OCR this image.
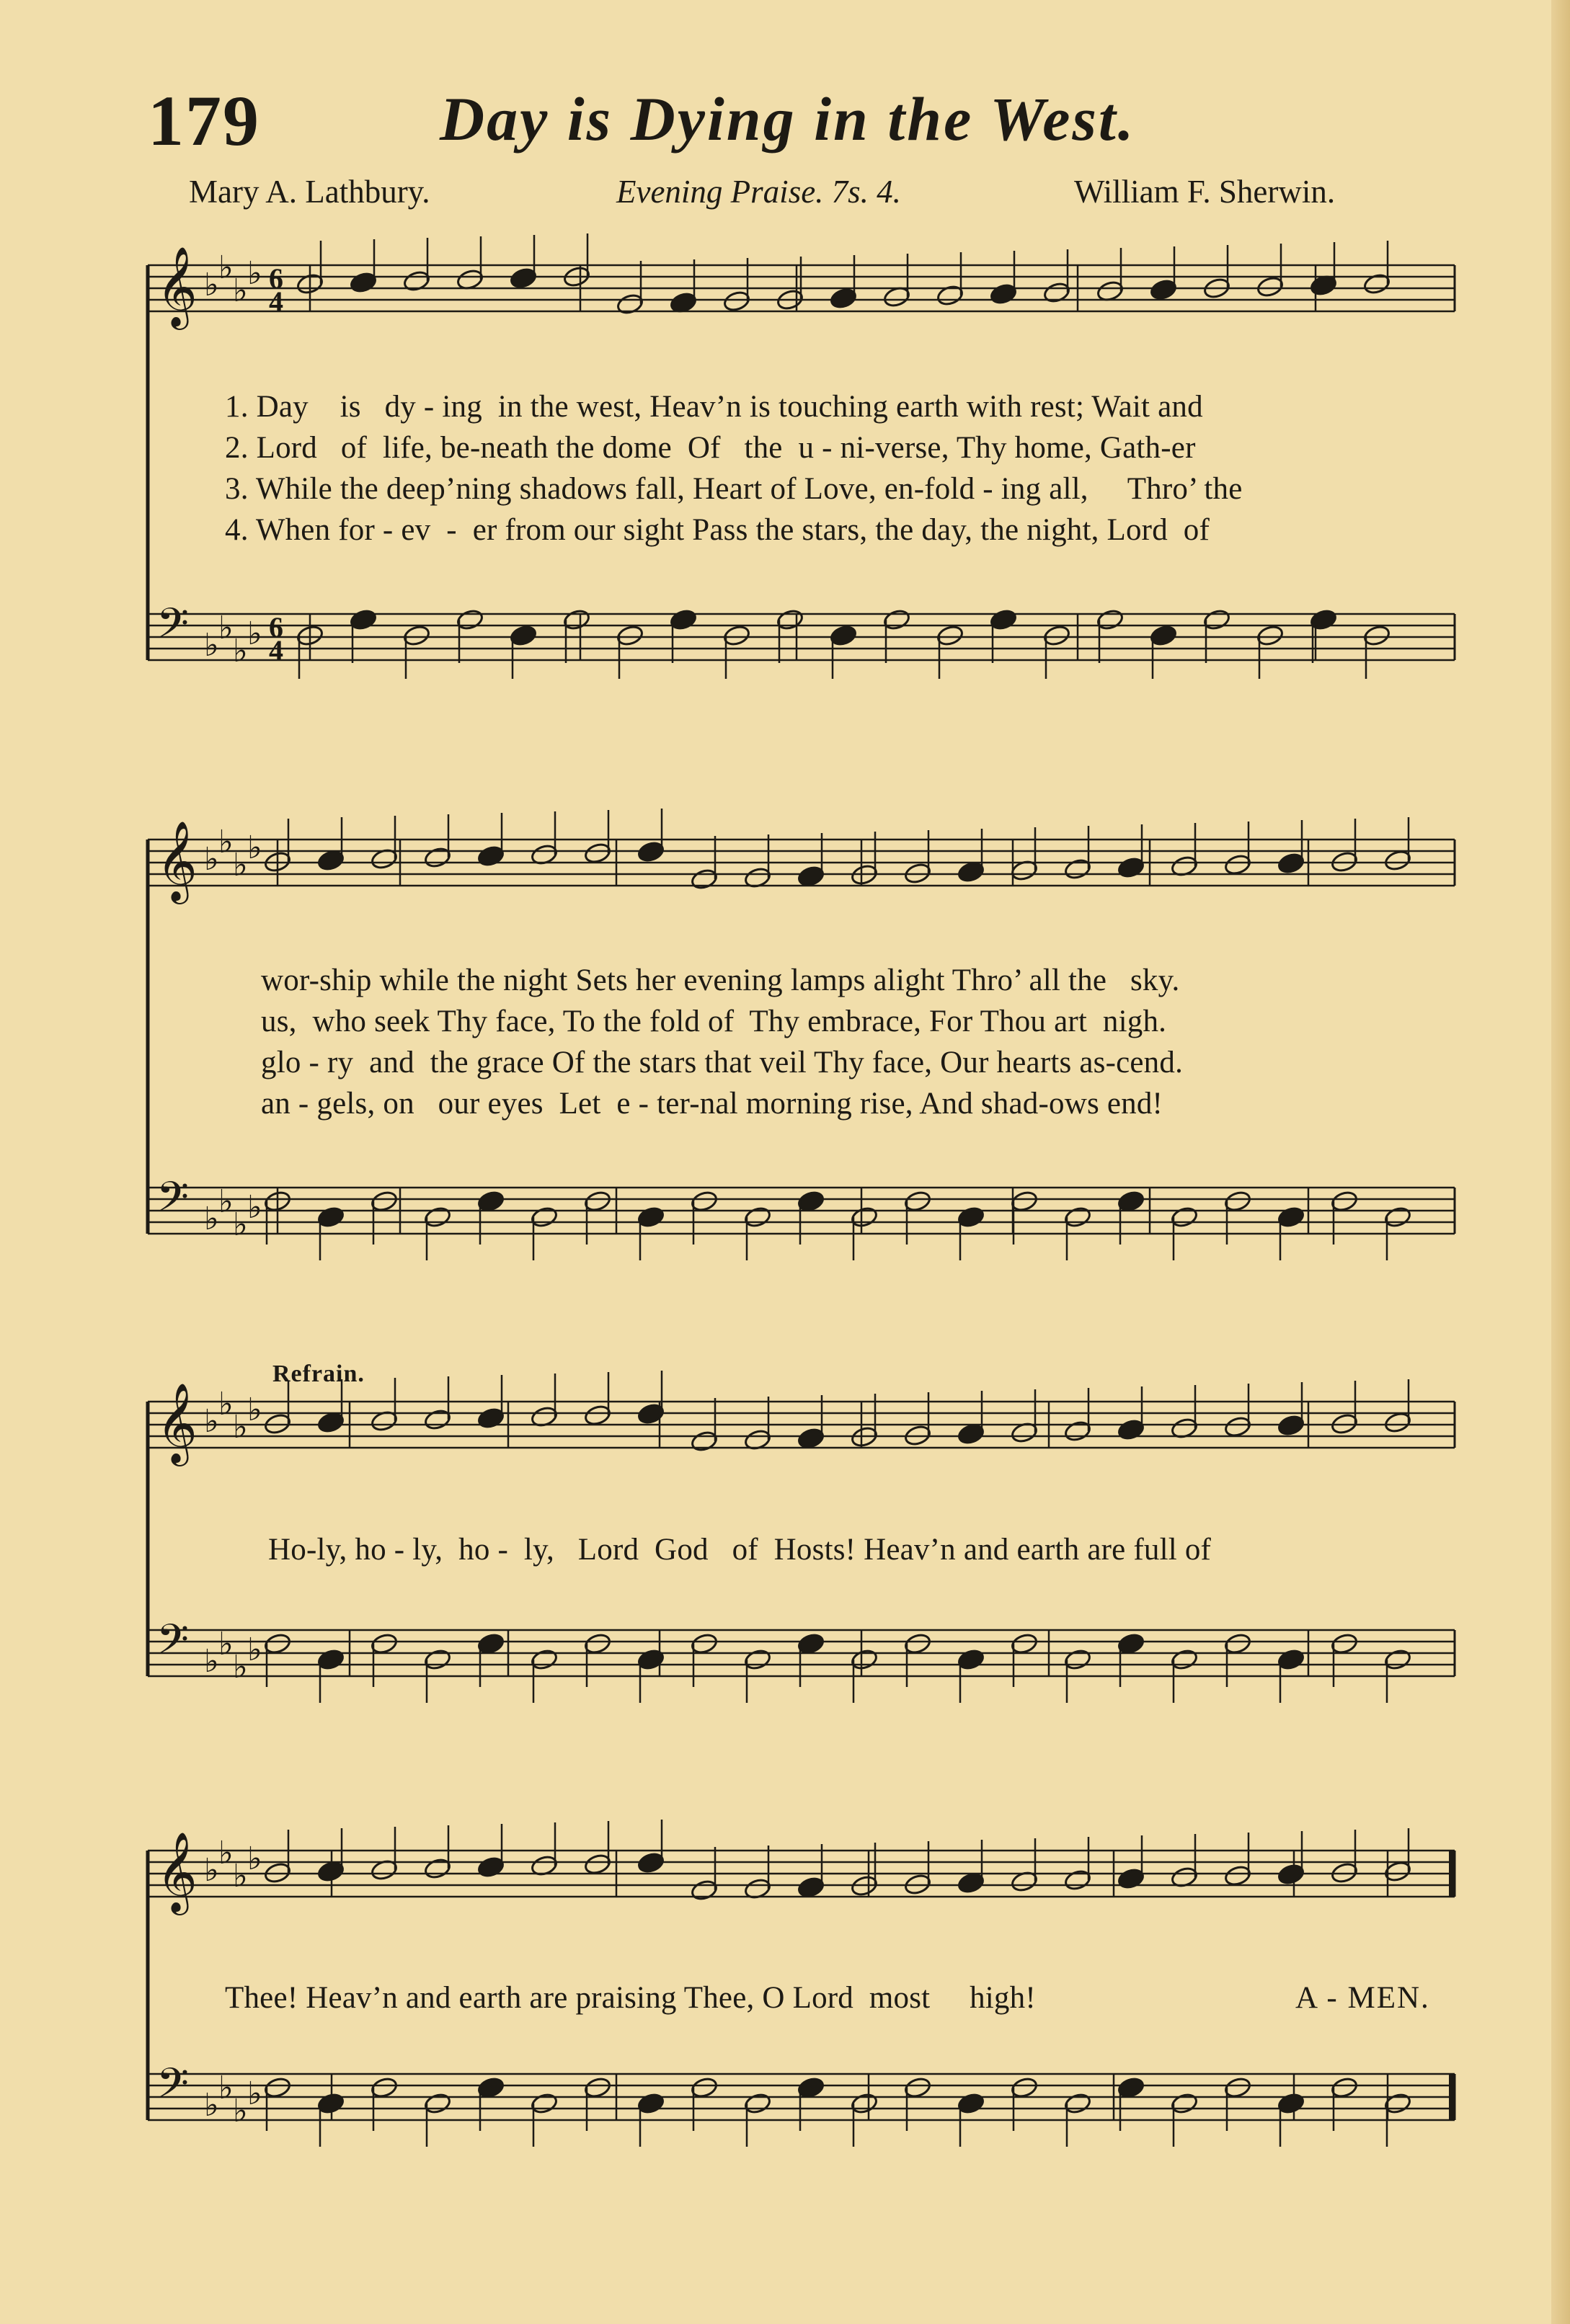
179	Day is Dying in the West.
Mary A. Lathbury.	Evening Praise. 7s. 4.	William F. Sherwin.
𝄞 ♭ ♭
♭ ♭ 6
4
𝄢 ♭ ♭
♭ ♭ 6
4
𝄞 ♭ ♭
♭ ♭
𝄢 ♭ ♭
♭ ♭
𝄞 ♭ ♭
♭ ♭
𝄢 ♭ ♭
♭ ♭
𝄞 ♭ ♭
♭ ♭
𝄢 ♭ ♭
♭ ♭
1. Day    is   dy - ing  in the west, Heav’n is touching earth with rest; Wait and
2. Lord   of  life, be-neath the dome  Of   the  u - ni-verse, Thy home, Gath-er
3. While the deep’ning shadows fall, Heart of Love, en-fold - ing all,     Thro’ the
4. When for - ev  -  er from our sight Pass the stars, the day, the night, Lord  of
wor-ship while the night Sets her evening lamps alight Thro’ all the   sky.
us,  who seek Thy face, To the fold of  Thy embrace, For Thou art  nigh.
glo - ry  and  the grace Of the stars that veil Thy face, Our hearts as-cend.
an - gels, on   our eyes  Let  e - ter-nal morning rise, And shad-ows end!
Refrain.
Ho-ly, ho - ly,  ho -  ly,   Lord  God   of  Hosts! Heav’n and earth are full of
Thee! Heav’n and earth are praising Thee, O Lord  most     high!	A - MEN.
